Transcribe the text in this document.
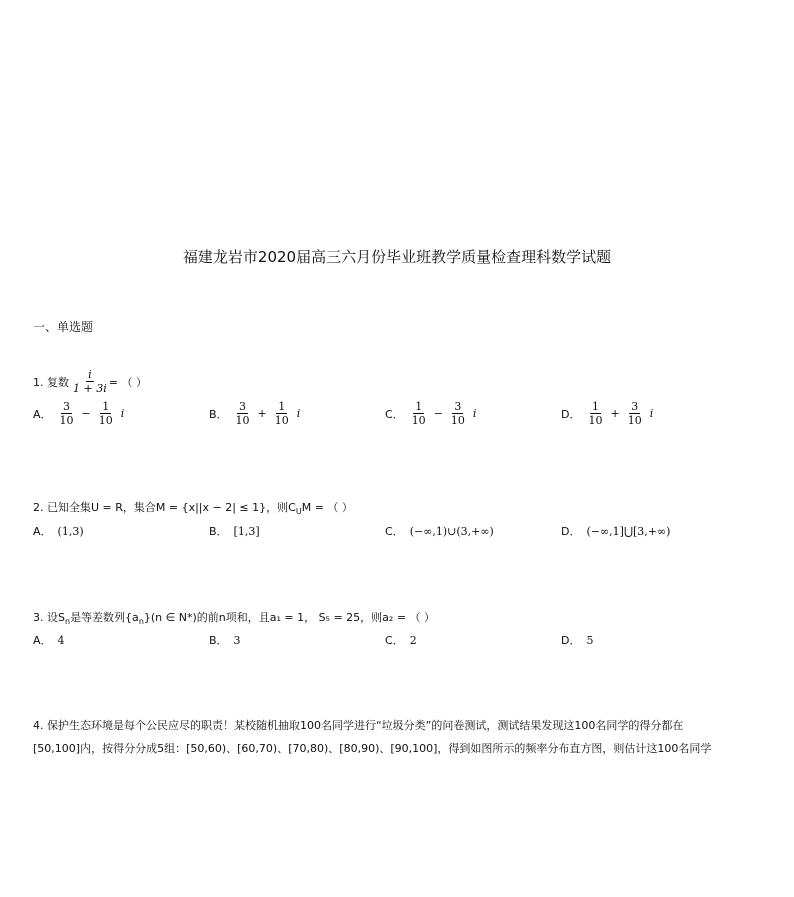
福建龙岩市2020届高三六月份毕业班教学质量检查理科数学试题
一、单选题
1. 复数 $\frac{i}{1 + 3i}$ = （ ）
A． $\frac{3}{10} - \frac{1}{10}$ i	B． $\frac{3}{10} + \frac{1}{10}$ i	C． $\frac{1}{10} - \frac{3}{10}$ i	D． $\frac{1}{10} + \frac{3}{10}$ i
2. 已知全集U = R，集合M = {x||x − 2| ≤ 1}，则C U M = （ ）
A． (1,3)	B． [1,3]	C． (−∞,1)∪(3,+∞)	D． (−∞,1]⋃[3,+∞)
3. 设S n 是等差数列{a n }(n ∈ N*)的前n项和，且a₁ = 1， S₅ = 25，则a₂ = （ ）
A． 4	B． 3	C． 2	D． 5
4. 保护生态环境是每个公民应尽的职责！某校随机抽取100名同学进行“垃圾分类”的问卷测试，测试结果发现这100名同学的得分都在
[50,100]内，按得分分成5组：[50,60)、[60,70)、[70,80)、[80,90)、[90,100]，得到如图所示的频率分布直方图，则估计这100名同学
